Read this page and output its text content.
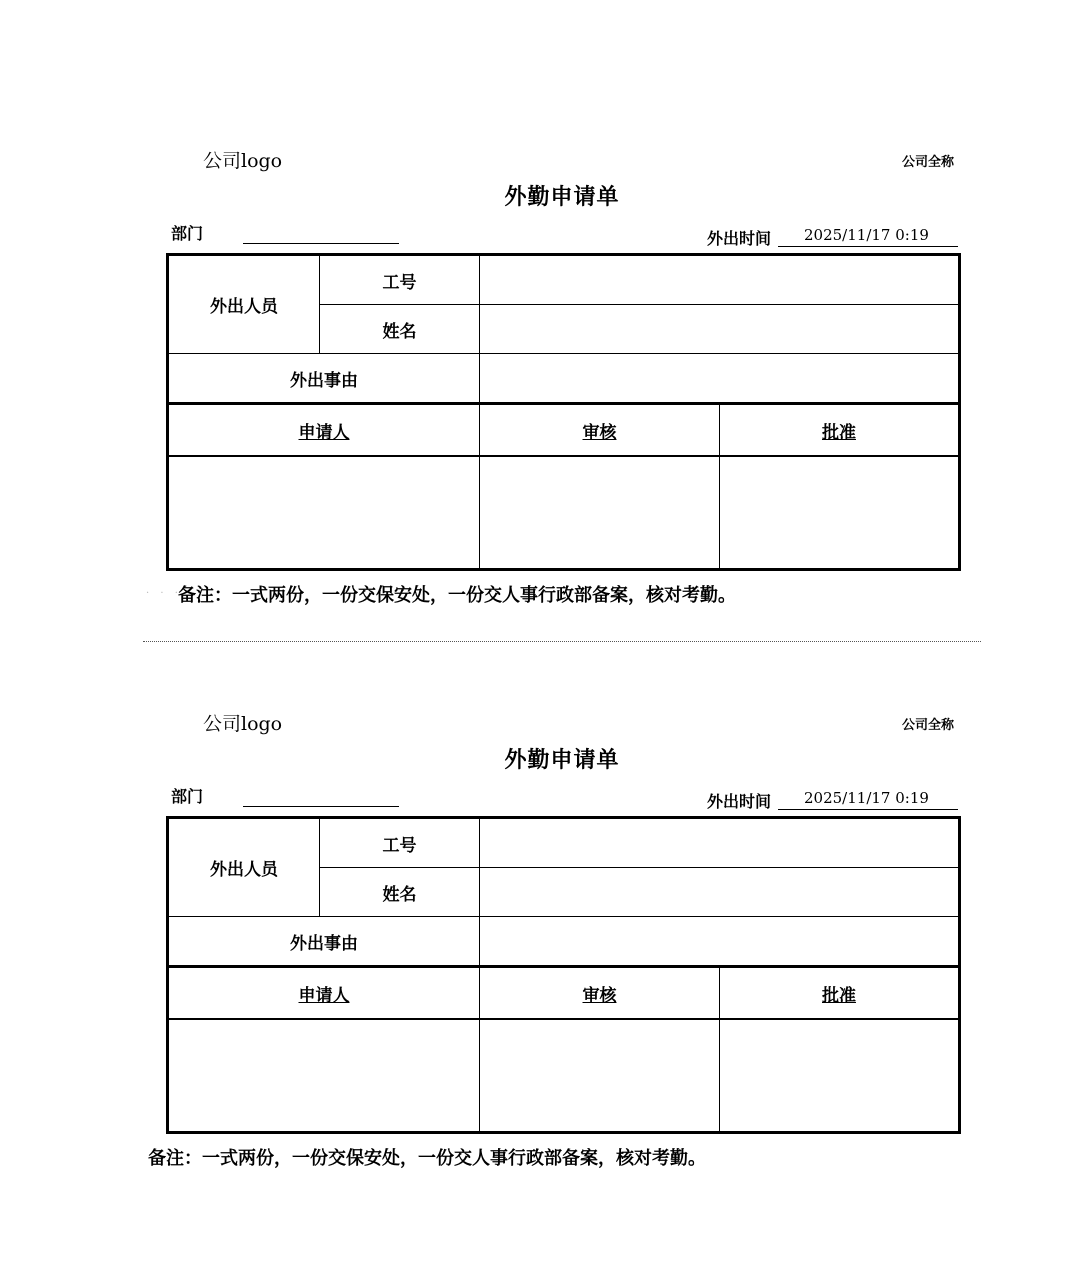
公司logo	公司全称
外勤申请单
部门	外出时间	2025/11/17 0:19
外出人员	工号		
	姓名		
外出事由			
申请人		审核	批准

· · ·
备注：一式两份，一份交保安处，一份交人事行政部备案，核对考勤。
公司logo	公司全称
外勤申请单
部门	外出时间	2025/11/17 0:19
外出人员	工号		
	姓名		
外出事由			
申请人		审核	批准

备注：一式两份，一份交保安处，一份交人事行政部备案，核对考勤。
